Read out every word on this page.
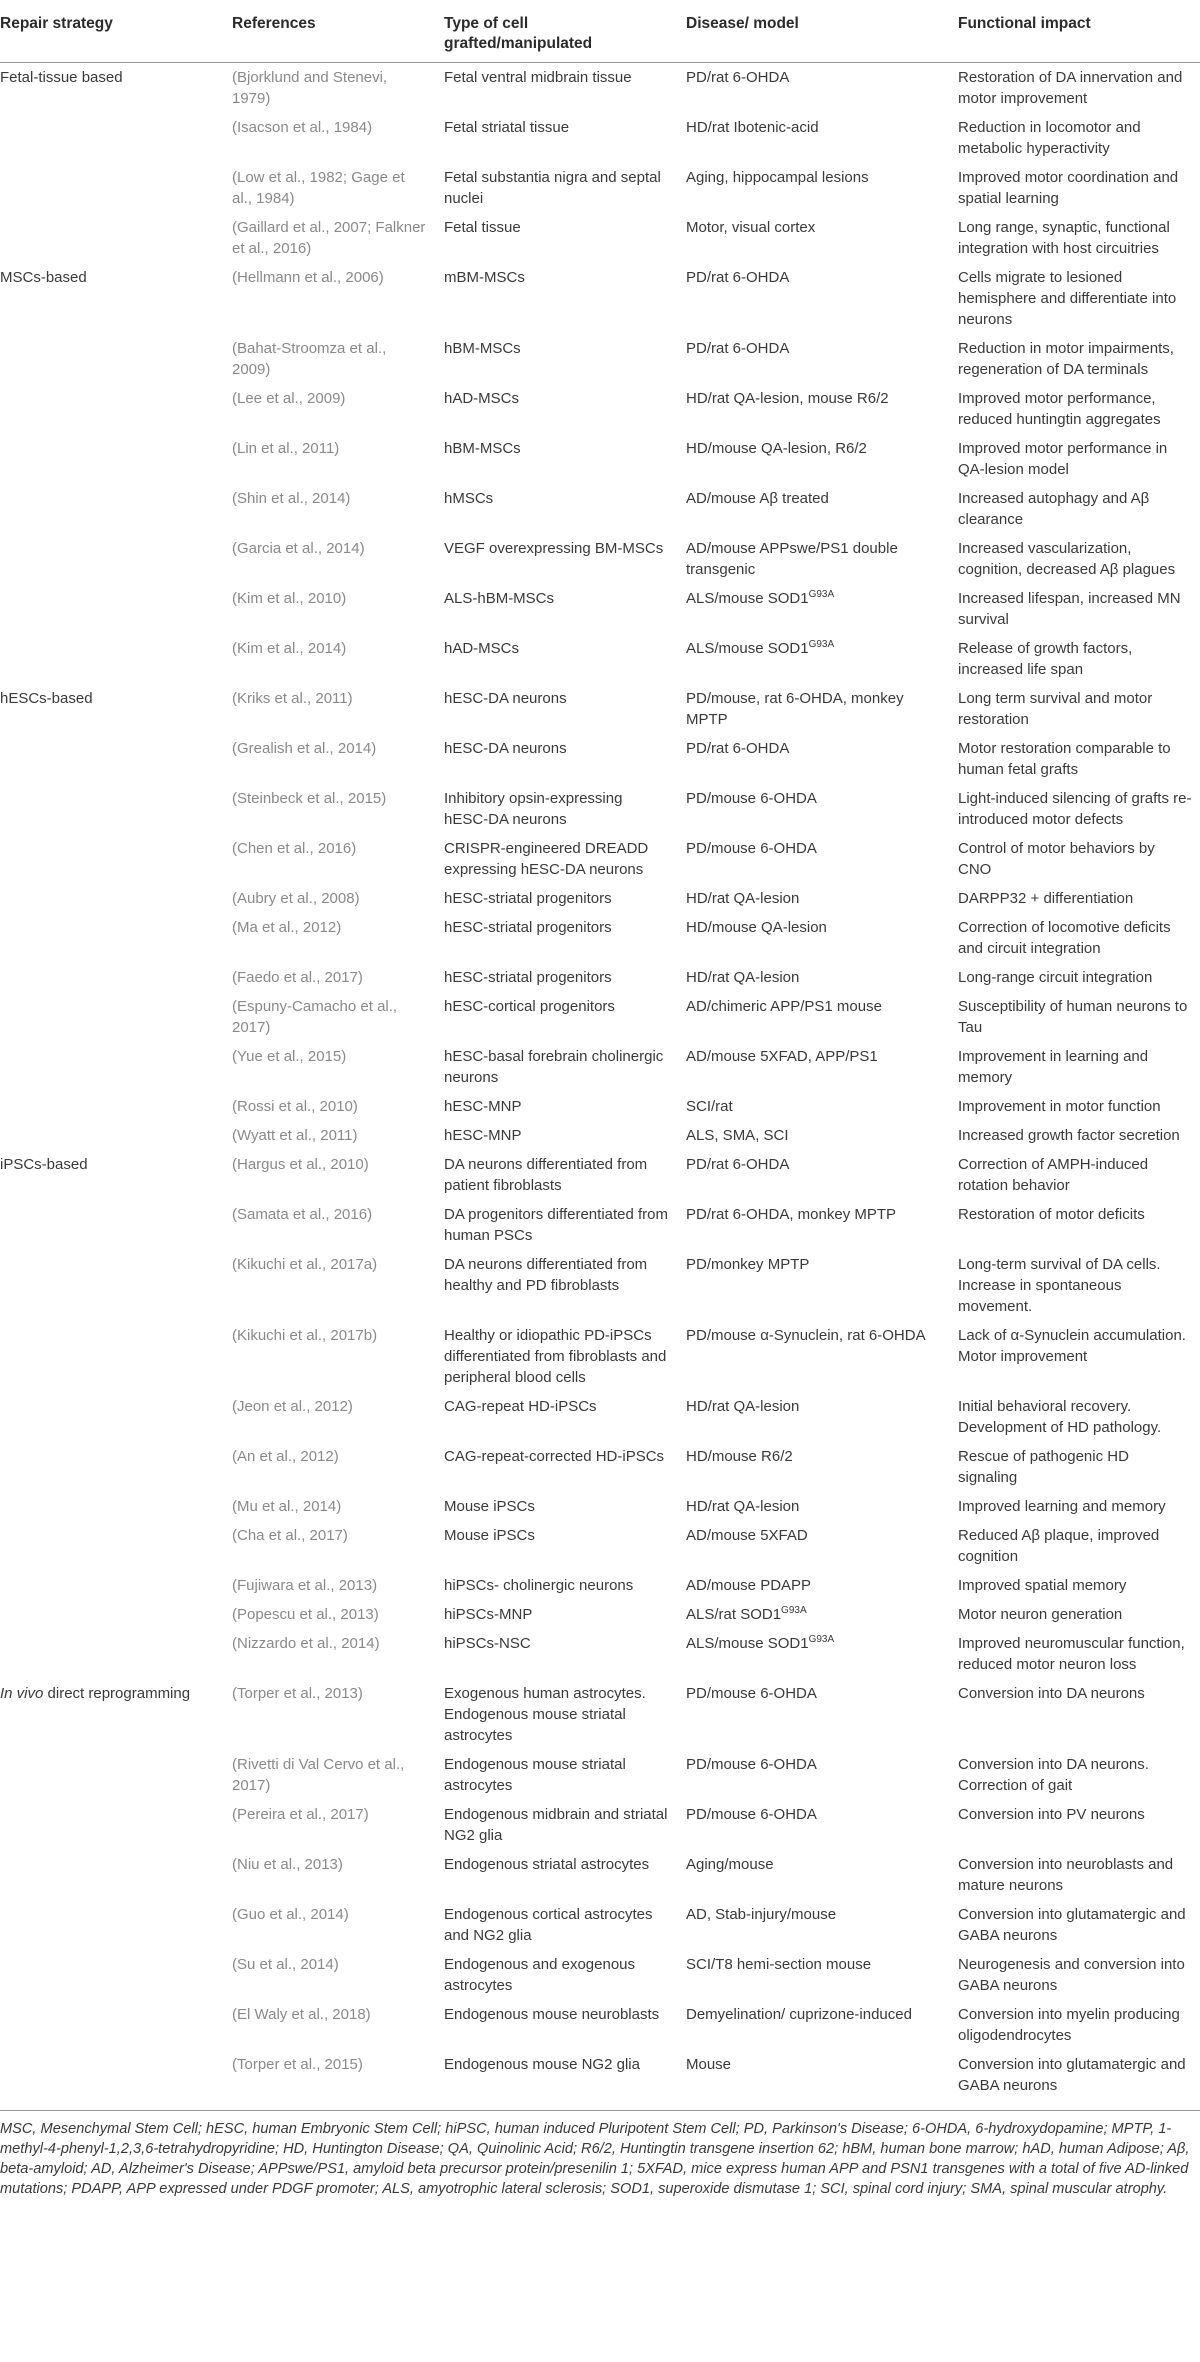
Repair strategy	References	Type of cell grafted/manipulated	Disease/ model	Functional impact
Fetal-tissue based	(Bjorklund and Stenevi, 1979)	Fetal ventral midbrain tissue	PD/rat 6-OHDA	Restoration of DA innervation and motor improvement
	(Isacson et al., 1984)	Fetal striatal tissue	HD/rat Ibotenic-acid	Reduction in locomotor and metabolic hyperactivity
	(Low et al., 1982; Gage et al., 1984)	Fetal substantia nigra and septal nuclei	Aging, hippocampal lesions	Improved motor coordination and spatial learning
	(Gaillard et al., 2007; Falkner et al., 2016)	Fetal tissue	Motor, visual cortex	Long range, synaptic, functional integration with host circuitries
MSCs-based	(Hellmann et al., 2006)	mBM-MSCs	PD/rat 6-OHDA	Cells migrate to lesioned hemisphere and differentiate into neurons
	(Bahat-Stroomza et al., 2009)	hBM-MSCs	PD/rat 6-OHDA	Reduction in motor impairments, regeneration of DA terminals
	(Lee et al., 2009)	hAD-MSCs	HD/rat QA-lesion, mouse R6/2	Improved motor performance, reduced huntingtin aggregates
	(Lin et al., 2011)	hBM-MSCs	HD/mouse QA-lesion, R6/2	Improved motor performance in QA-lesion model
	(Shin et al., 2014)	hMSCs	AD/mouse Aβ treated	Increased autophagy and Aβ clearance
	(Garcia et al., 2014)	VEGF overexpressing BM-MSCs	AD/mouse APPswe/PS1 double transgenic	Increased vascularization, cognition, decreased Aβ plagues
	(Kim et al., 2010)	ALS-hBM-MSCs	ALS/mouse $SOD1^{G93A}$	Increased lifespan, increased MN survival
	(Kim et al., 2014)	hAD-MSCs	ALS/mouse $SOD1^{G93A}$	Release of growth factors, increased life span
hESCs-based	(Kriks et al., 2011)	hESC-DA neurons	PD/mouse, rat 6-OHDA, monkey MPTP	Long term survival and motor restoration
	(Grealish et al., 2014)	hESC-DA neurons	PD/rat 6-OHDA	Motor restoration comparable to human fetal grafts
	(Steinbeck et al., 2015)	Inhibitory opsin-expressing hESC-DA neurons	PD/mouse 6-OHDA	Light-induced silencing of grafts re-introduced motor defects
	(Chen et al., 2016)	CRISPR-engineered DREADD expressing hESC-DA neurons	PD/mouse 6-OHDA	Control of motor behaviors by CNO
	(Aubry et al., 2008)	hESC-striatal progenitors	HD/rat QA-lesion	DARPP32 + differentiation
	(Ma et al., 2012)	hESC-striatal progenitors	HD/mouse QA-lesion	Correction of locomotive deficits and circuit integration
	(Faedo et al., 2017)	hESC-striatal progenitors	HD/rat QA-lesion	Long-range circuit integration
	(Espuny-Camacho et al., 2017)	hESC-cortical progenitors	AD/chimeric APP/PS1 mouse	Susceptibility of human neurons to Tau
	(Yue et al., 2015)	hESC-basal forebrain cholinergic neurons	AD/mouse 5XFAD, APP/PS1	Improvement in learning and memory
	(Rossi et al., 2010)	hESC-MNP	SCI/rat	Improvement in motor function
	(Wyatt et al., 2011)	hESC-MNP	ALS, SMA, SCI	Increased growth factor secretion
iPSCs-based	(Hargus et al., 2010)	DA neurons differentiated from patient fibroblasts	PD/rat 6-OHDA	Correction of AMPH-induced rotation behavior
	(Samata et al., 2016)	DA progenitors differentiated from human PSCs	PD/rat 6-OHDA, monkey MPTP	Restoration of motor deficits
	(Kikuchi et al., 2017a)	DA neurons differentiated from healthy and PD fibroblasts	PD/monkey MPTP	Long-term survival of DA cells. Increase in spontaneous movement.
	(Kikuchi et al., 2017b)	Healthy or idiopathic PD-iPSCs differentiated from fibroblasts and peripheral blood cells	PD/mouse α-Synuclein, rat 6-OHDA	Lack of α-Synuclein accumulation. Motor improvement
	(Jeon et al., 2012)	CAG-repeat HD-iPSCs	HD/rat QA-lesion	Initial behavioral recovery. Development of HD pathology.
	(An et al., 2012)	CAG-repeat-corrected HD-iPSCs	HD/mouse R6/2	Rescue of pathogenic HD signaling
	(Mu et al., 2014)	Mouse iPSCs	HD/rat QA-lesion	Improved learning and memory
	(Cha et al., 2017)	Mouse iPSCs	AD/mouse 5XFAD	Reduced Aβ plaque, improved cognition
	(Fujiwara et al., 2013)	hiPSCs- cholinergic neurons	AD/mouse PDAPP	Improved spatial memory
	(Popescu et al., 2013)	hiPSCs-MNP	ALS/rat $SOD1^{G93A}$	Motor neuron generation
	(Nizzardo et al., 2014)	hiPSCs-NSC	ALS/mouse $SOD1^{G93A}$	Improved neuromuscular function, reduced motor neuron loss
In vivo direct reprogramming	(Torper et al., 2013)	Exogenous human astrocytes. Endogenous mouse striatal astrocytes	PD/mouse 6-OHDA	Conversion into DA neurons
	(Rivetti di Val Cervo et al., 2017)	Endogenous mouse striatal astrocytes	PD/mouse 6-OHDA	Conversion into DA neurons. Correction of gait
	(Pereira et al., 2017)	Endogenous midbrain and striatal NG2 glia	PD/mouse 6-OHDA	Conversion into PV neurons
	(Niu et al., 2013)	Endogenous striatal astrocytes	Aging/mouse	Conversion into neuroblasts and mature neurons
	(Guo et al., 2014)	Endogenous cortical astrocytes and NG2 glia	AD, Stab-injury/mouse	Conversion into glutamatergic and GABA neurons
	(Su et al., 2014)	Endogenous and exogenous astrocytes	SCI/T8 hemi-section mouse	Neurogenesis and conversion into GABA neurons
	(El Waly et al., 2018)	Endogenous mouse neuroblasts	Demyelination/ cuprizone-induced	Conversion into myelin producing oligodendrocytes
	(Torper et al., 2015)	Endogenous mouse NG2 glia	Mouse	Conversion into glutamatergic and GABA neurons
MSC, Mesenchymal Stem Cell; hESC, human Embryonic Stem Cell; hiPSC, human induced Pluripotent Stem Cell; PD, Parkinson's Disease; 6-OHDA, 6-hydroxydopamine; MPTP, 1-methyl-4-phenyl-1,2,3,6-tetrahydropyridine; HD, Huntington Disease; QA, Quinolinic Acid; R6/2, Huntingtin transgene insertion 62; hBM, human bone marrow; hAD, human Adipose; Aβ, beta-amyloid; AD, Alzheimer's Disease; APPswe/PS1, amyloid beta precursor protein/presenilin 1; 5XFAD, mice express human APP and PSN1 transgenes with a total of five AD-linked mutations; PDAPP, APP expressed under PDGF promoter; ALS, amyotrophic lateral sclerosis; SOD1, superoxide dismutase 1; SCI, spinal cord injury; SMA, spinal muscular atrophy.
